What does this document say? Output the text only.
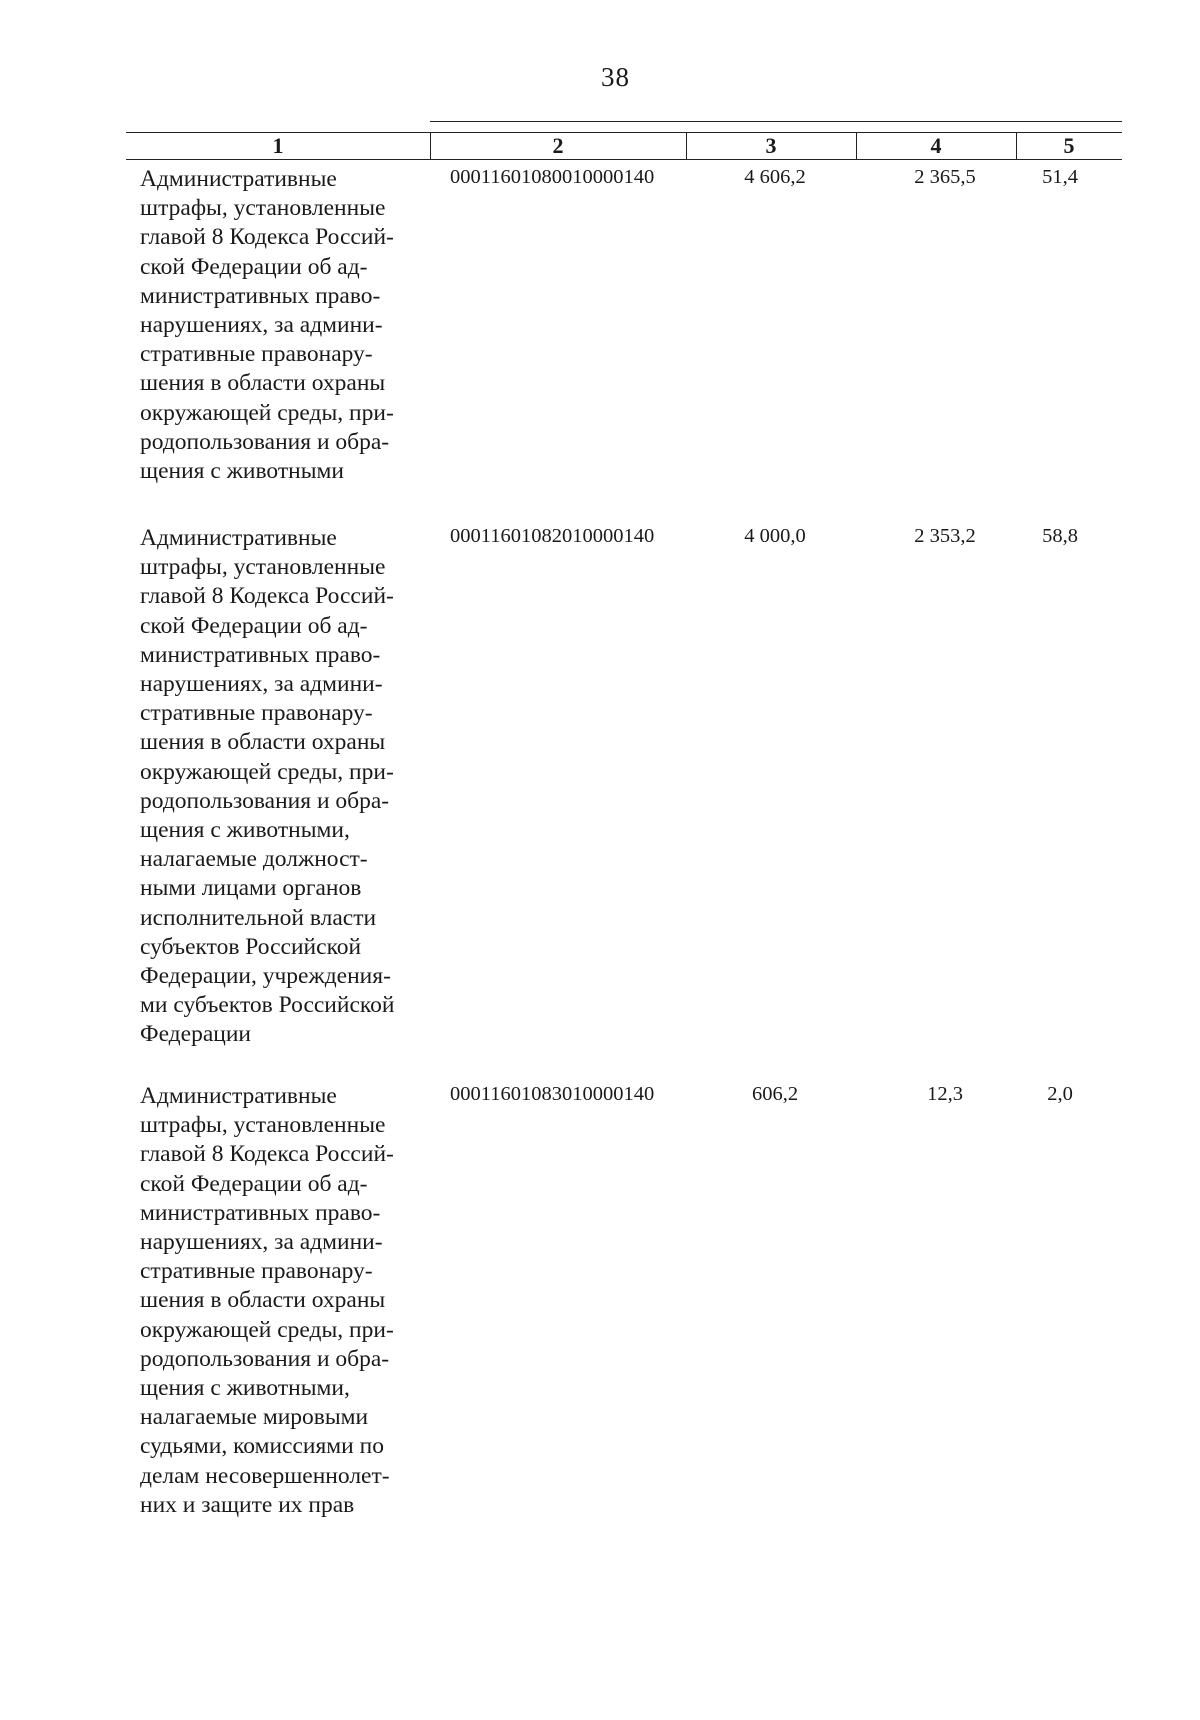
38
1	2	3	4	5
Административные
штрафы, установленные
главой 8 Кодекса Россий-
ской Федерации об ад-
министративных право-
нарушениях, за админи-
стративные правонару-
шения в области охраны
окружающей среды, при-
родопользования и обра-
щения с животными
00011601080010000140	4 606,2	2 365,5	51,4
Административные
штрафы, установленные
главой 8 Кодекса Россий-
ской Федерации об ад-
министративных право-
нарушениях, за админи-
стративные правонару-
шения в области охраны
окружающей среды, при-
родопользования и обра-
щения с животными,
налагаемые должност-
ными лицами органов
исполнительной власти
субъектов Российской
Федерации, учреждения-
ми субъектов Российской
Федерации
00011601082010000140	4 000,0	2 353,2	58,8
Административные
штрафы, установленные
главой 8 Кодекса Россий-
ской Федерации об ад-
министративных право-
нарушениях, за админи-
стративные правонару-
шения в области охраны
окружающей среды, при-
родопользования и обра-
щения с животными,
налагаемые мировыми
судьями, комиссиями по
делам несовершеннолет-
них и защите их прав
00011601083010000140	606,2	12,3	2,0
